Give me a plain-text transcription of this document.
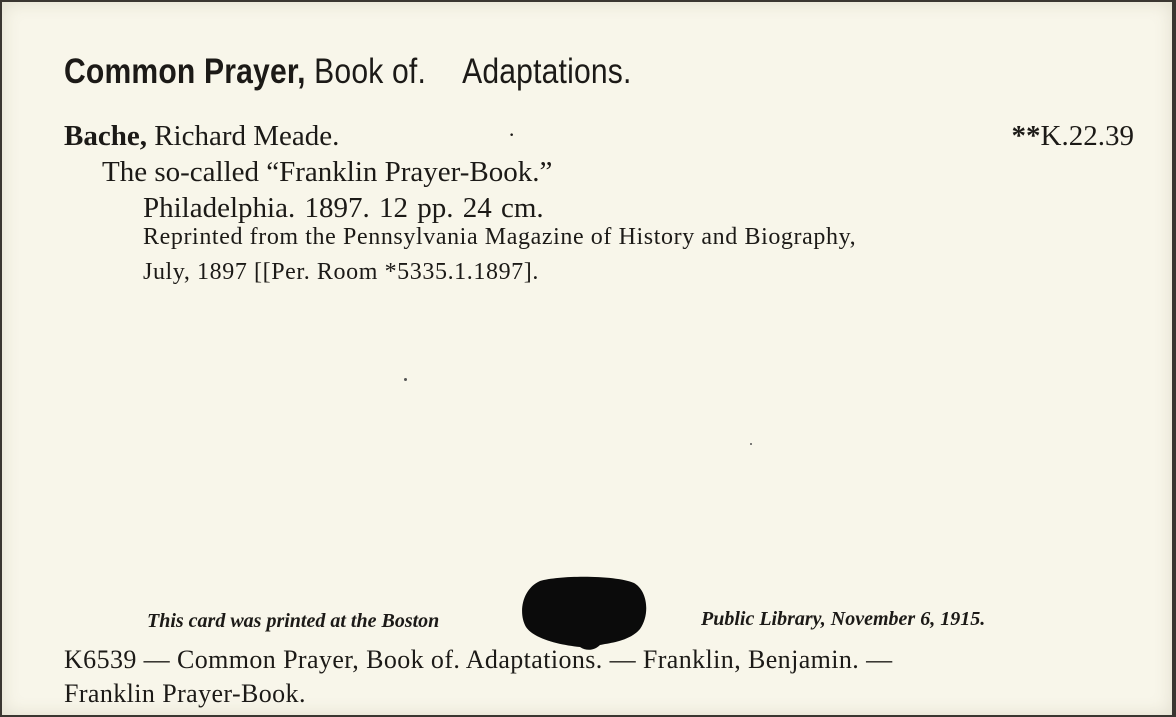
Common Prayer, Book of. Adaptations.
Bache, Richard Meade.	·	**K.22.39
The so-called “Franklin Prayer-Book.”
Philadelphia. 1897. 12 pp. 24 cm.
Reprinted from the Pennsylvania Magazine of History and Biography,
July, 1897 [[Per. Room *5335.1.1897].
This card was printed at the Boston	Public Library, November 6, 1915.
K6539 — Common Prayer, Book of. Adaptations. — Franklin, Benjamin. —
Franklin Prayer-Book.
